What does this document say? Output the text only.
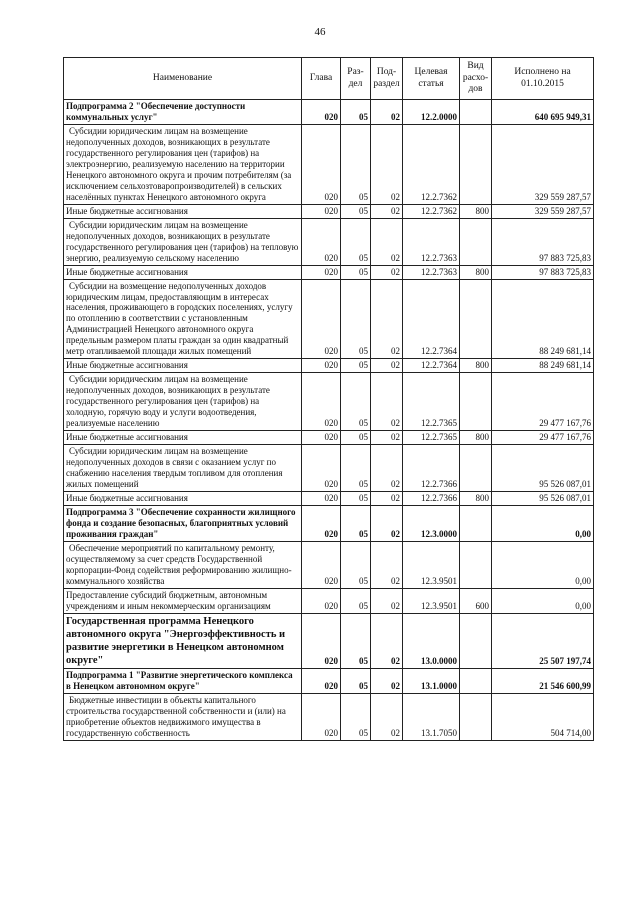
46
Наименование	Глава	Раз-дел	Под-раздел	Целевая статья	Вид расхо-дов	Исполнено на 01.10.2015
Подпрограмма 2 "Обеспечение доступности коммунальных услуг"	020	05	02	12.2.0000		640 695 949,31
Субсидии юридическим лицам на возмещение недополученных доходов, возникающих в результате государственного регулирования цен (тарифов) на электроэнергию, реализуемую населению на территории Ненецкого автономного округа и прочим потребителям (за исключением сельхозтоваропроизводителей) в сельских населённых пунктах Ненецкого автономного округа	020	05	02	12.2.7362		329 559 287,57
Иные бюджетные ассигнования	020	05	02	12.2.7362	800	329 559 287,57
Субсидии юридическим лицам на возмещение недополученных доходов, возникающих в результате государственного регулирования цен (тарифов) на тепловую энергию, реализуемую сельскому населению	020	05	02	12.2.7363		97 883 725,83
Иные бюджетные ассигнования	020	05	02	12.2.7363	800	97 883 725,83
Субсидии на возмещение недополученных доходов юридическим лицам, предоставляющим в интересах населения, проживающего в городских поселениях, услугу по отоплению в соответствии с установленным Администрацией Ненецкого автономного округа предельным размером платы граждан за один квадратный метр отапливаемой площади жилых помещений	020	05	02	12.2.7364		88 249 681,14
Иные бюджетные ассигнования	020	05	02	12.2.7364	800	88 249 681,14
Субсидии юридическим лицам на возмещение недополученных доходов, возникающих в результате государственного регулирования цен (тарифов) на холодную, горячую воду и услуги водоотведения, реализуемые населению	020	05	02	12.2.7365		29 477 167,76
Иные бюджетные ассигнования	020	05	02	12.2.7365	800	29 477 167,76
Субсидии юридическим лицам на возмещение недополученных доходов в связи с оказанием услуг по снабжению населения твердым топливом для отопления жилых помещений	020	05	02	12.2.7366		95 526 087,01
Иные бюджетные ассигнования	020	05	02	12.2.7366	800	95 526 087,01
Подпрограмма 3 "Обеспечение сохранности жилищного фонда и создание безопасных, благоприятных условий проживания граждан"	020	05	02	12.3.0000		0,00
Обеспечение мероприятий по капитальному ремонту, осуществляемому за счет средств Государственной корпорации-Фонд содействия реформированию жилищно-коммунального хозяйства	020	05	02	12.3.9501		0,00
Предоставление субсидий бюджетным, автономным учреждениям и иным некоммерческим организациям	020	05	02	12.3.9501	600	0,00
Государственная программа Ненецкого автономного округа "Энергоэффективность и развитие энергетики в Ненецком автономном округе"	020	05	02	13.0.0000		25 507 197,74
Подпрограмма 1 "Развитие энергетического комплекса в Ненецком автономном округе"	020	05	02	13.1.0000		21 546 600,99
Бюджетные инвестиции в объекты капитального строительства государственной собственности и (или) на приобретение объектов недвижимого имущества в государственную собственность	020	05	02	13.1.7050		504 714,00
